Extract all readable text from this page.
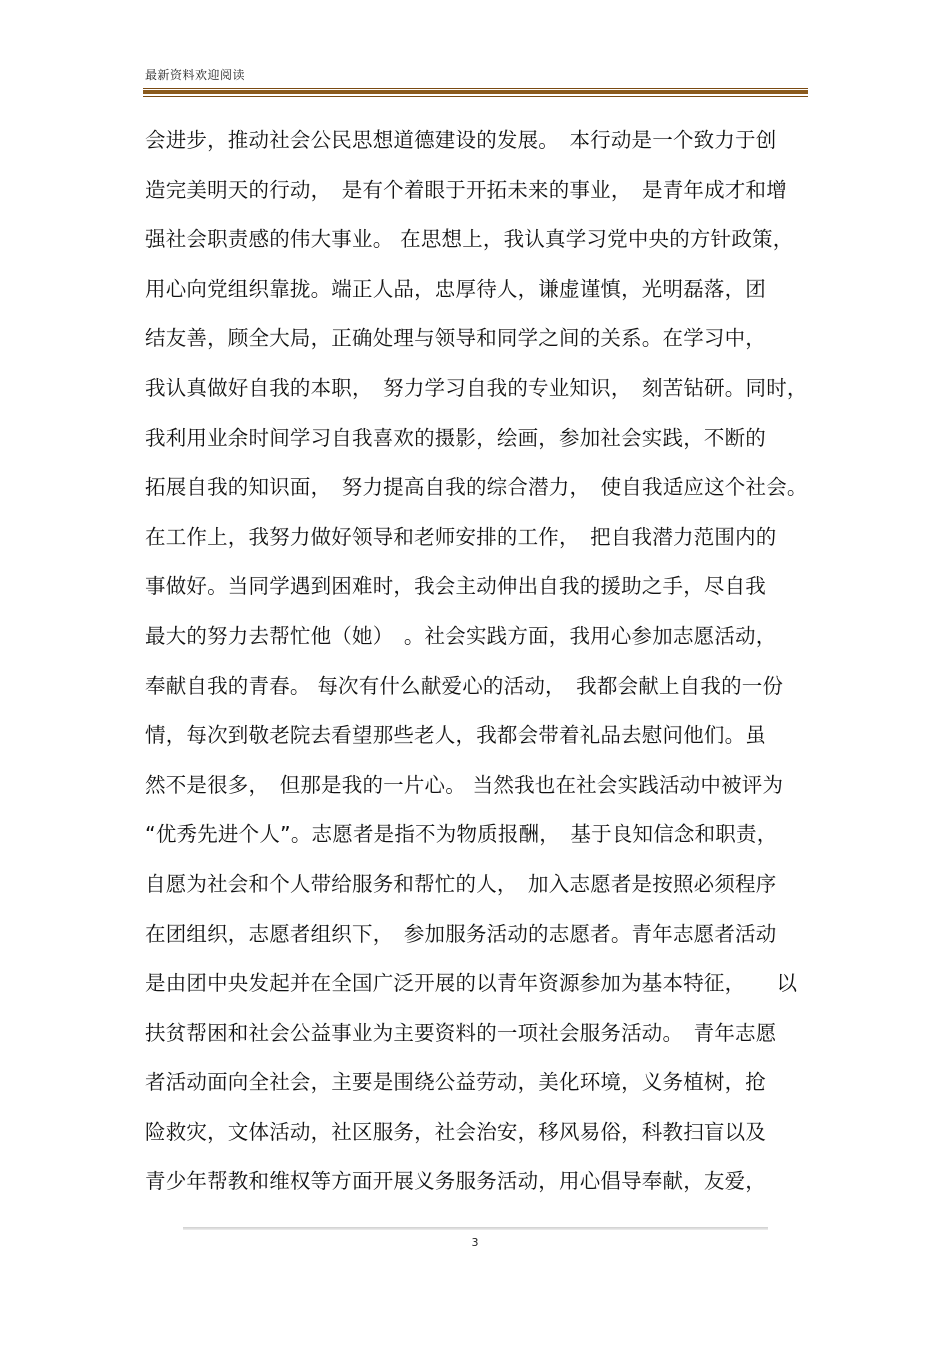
最新资料欢迎阅读
会进步，推动社会公民思想道德建设的发展。　本行动是一个致力于创
造完美明天的行动，　是有个着眼于开拓未来的事业，　是青年成才和增
强社会职责感的伟大事业。 在思想上，我认真学习党中央的方针政策，
用心向党组织靠拢。端正人品，忠厚待人，谦虚谨慎，光明磊落，团
结友善，顾全大局，正确处理与领导和同学之间的关系。在学习中，
我认真做好自我的本职，　努力学习自我的专业知识，　刻苦钻研。同时，
我利用业余时间学习自我喜欢的摄影，绘画，参加社会实践，不断的
拓展自我的知识面，　努力提高自我的综合潜力，　使自我适应这个社会。
在工作上，我努力做好领导和老师安排的工作，　把自我潜力范围内的
事做好。当同学遇到困难时，我会主动伸出自我的援助之手，尽自我
最大的努力去帮忙他（她）　。社会实践方面，我用心参加志愿活动，
奉献自我的青春。 每次有什么献爱心的活动，　我都会献上自我的一份
情，每次到敬老院去看望那些老人，我都会带着礼品去慰问他们。虽
然不是很多，　但那是我的一片心。 当然我也在社会实践活动中被评为
“优秀先进个人”。志愿者是指不为物质报酬，　基于良知信念和职责，
自愿为社会和个人带给服务和帮忙的人，　加入志愿者是按照必须程序
在团组织，志愿者组织下，　参加服务活动的志愿者。青年志愿者活动
是由团中央发起并在全国广泛开展的以青年资源参加为基本特征，　　以
扶贫帮困和社会公益事业为主要资料的一项社会服务活动。　青年志愿
者活动面向全社会，主要是围绕公益劳动，美化环境，义务植树，抢
险救灾，文体活动，社区服务，社会治安，移风易俗，科教扫盲以及
青少年帮教和维权等方面开展义务服务活动，用心倡导奉献，友爱，
3
